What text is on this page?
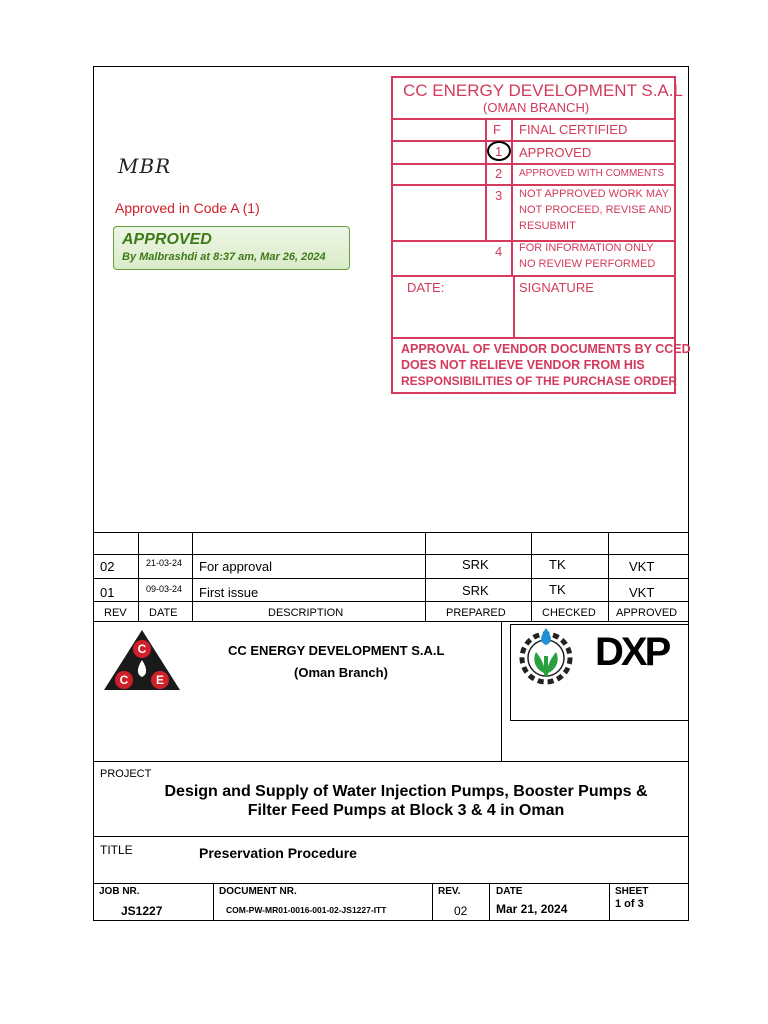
MBR
Approved in Code A (1)
APPROVED
By Malbrashdi at 8:37 am, Mar 26, 2024
CC ENERGY DEVELOPMENT S.A.L
(OMAN BRANCH)
F FINAL CERTIFIED
1 APPROVED
2 APPROVED WITH COMMENTS
3 NOT APPROVED WORK MAY
NOT PROCEED, REVISE AND
RESUBMIT
4 FOR INFORMATION ONLY
NO REVIEW PERFORMED
DATE:	SIGNATURE
APPROVAL OF VENDOR DOCUMENTS BY CCED
DOES NOT RELIEVE VENDOR FROM HIS
RESPONSIBILITIES OF THE PURCHASE ORDER
02	21-03-24 For approval	SRK	TK	VKT
01	09-03-24 First issue	SRK	TK	VKT
REV DATE	DESCRIPTION	PREPARED	CHECKED APPROVED
C
C E
CC ENERGY DEVELOPMENT S.A.L
(Oman Branch)	DXP
PROJECT
Design and Supply of Water Injection Pumps, Booster Pumps &
Filter Feed Pumps at Block 3 & 4 in Oman
TITLE	Preservation Procedure
JOB NR.
JS1227
DOCUMENT NR.
COM-PW-MR01-0016-001-02-JS1227-ITT
REV.
02
DATE
Mar 21, 2024
SHEET
1 of 3
